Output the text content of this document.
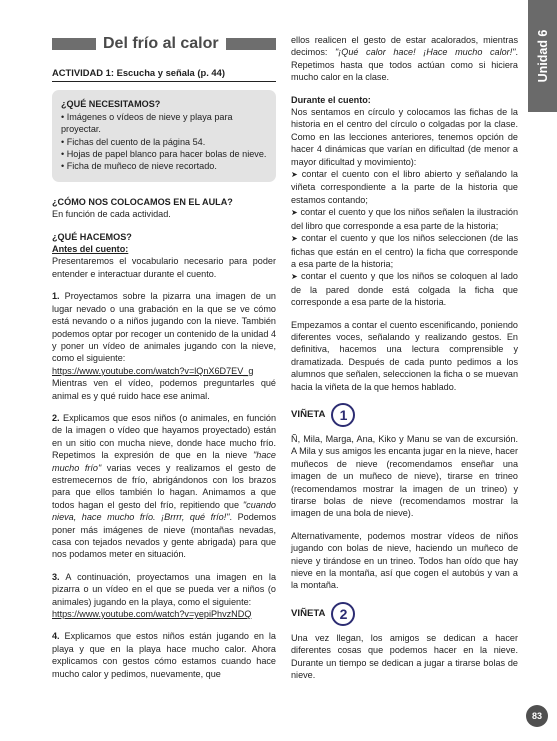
Unidad 6
Del frío al calor
ACTIVIDAD 1: Escucha y señala (p. 44)
¿QUÉ NECESITAMOS?
• Imágenes o vídeos de nieve y playa para proyectar.
• Fichas del cuento de la página 54.
• Hojas de papel blanco para hacer bolas de nieve.
• Ficha de muñeco de nieve recortado.
¿CÓMO NOS COLOCAMOS EN EL AULA?

En función de cada actividad.

¿QUÉ HACEMOS?
Antes del cuento:

Presentaremos el vocabulario necesario para poder entender e interactuar durante el cuento.

1. Proyectamos sobre la pizarra una imagen de un lugar nevado o una grabación en la que se ve cómo está nevando o a niños jugando con la nieve. También podemos optar por recoger un contenido de la unidad 4 y poner un vídeo de animales jugando con la nieve, como el siguiente:

https://www.youtube.com/watch?v=lQnX6D7EV_g

Mientras ven el vídeo, podemos preguntarles qué animal es y qué ruido hace ese animal.

2. Explicamos que esos niños (o animales, en función de la imagen o vídeo que hayamos proyectado) están en un sitio con mucha nieve, donde hace mucho frío. Repetimos la expresión de que en la nieve "hace mucho frío" varias veces y realizamos el gesto de estremecernos de frío, abrigándonos con los brazos para que ellos también lo hagan. Animamos a que todos hagan el gesto del frío, repitiendo que "cuando nieva, hace mucho frío. ¡Brrrr, qué frío!". Podemos poner más imágenes de nieve (montañas nevadas, casa con tejados nevados y gente abrigada) para que nos podamos meter en situación.

3. A continuación, proyectamos una imagen en la pizarra o un vídeo en el que se pueda ver a niños (o animales) jugando en la playa, como el siguiente:

https://www.youtube.com/watch?v=yepiPhvzNDQ

4. Explicamos que estos niños están jugando en la playa y que en la playa hace mucho calor. Ahora explicamos con gestos cómo estamos cuando hace mucho calor y pedimos, nuevamente, que

ellos realicen el gesto de estar acalorados, mientras decimos: "¡Qué calor hace! ¡Hace mucho calor!". Repetimos hasta que todos actúan como si hiciera mucho calor en la clase.

Durante el cuento:

Nos sentamos en círculo y colocamos las fichas de la historia en el centro del círculo o colgadas por la clase. Como en las lecciones anteriores, tenemos opción de hacer 4 dinámicas que varían en dificultad (de menor a mayor dificultad y movimiento):

➤ contar el cuento con el libro abierto y señalando la viñeta correspondiente a la parte de la historia que estamos contando;

➤ contar el cuento y que los niños señalen la ilustración del libro que corresponde a esa parte de la historia;

➤ contar el cuento y que los niños seleccionen (de las fichas que están en el centro) la ficha que corresponde a esa parte de la historia;

➤ contar el cuento y que los niños se coloquen al lado de la pared donde está colgada la ficha que corresponde a esa parte de la historia.

Empezamos a contar el cuento escenificando, poniendo diferentes voces, señalando y realizando gestos. En definitiva, hacemos una lectura comprensible y dramatizada. Después de cada punto pedimos a los alumnos que señalen, seleccionen la ficha o se muevan hacia la viñeta de la que hemos hablado.

VIÑETA	1

Ñ, Mila, Marga, Ana, Kiko y Manu se van de excursión. A Mila y sus amigos les encanta jugar en la nieve, hacer muñecos de nieve (recomendamos enseñar una imagen de un muñeco de nieve), tirarse en trineo (recomendamos mostrar la imagen de un trineo) y tirarse bolas de nieve (recomendamos mostrar la imagen de una bola de nieve).

Alternativamente, podemos mostrar vídeos de niños jugando con bolas de nieve, haciendo un muñeco de nieve y tirándose en un trineo. Todos han oído que hay nieve en la montaña, así que cogen el autobús y van a la montaña.

VIÑETA	2

Una vez llegan, los amigos se dedican a hacer diferentes cosas que podemos hacer en la nieve. Durante un tiempo se dedican a jugar a tirarse bolas de nieve.

83
